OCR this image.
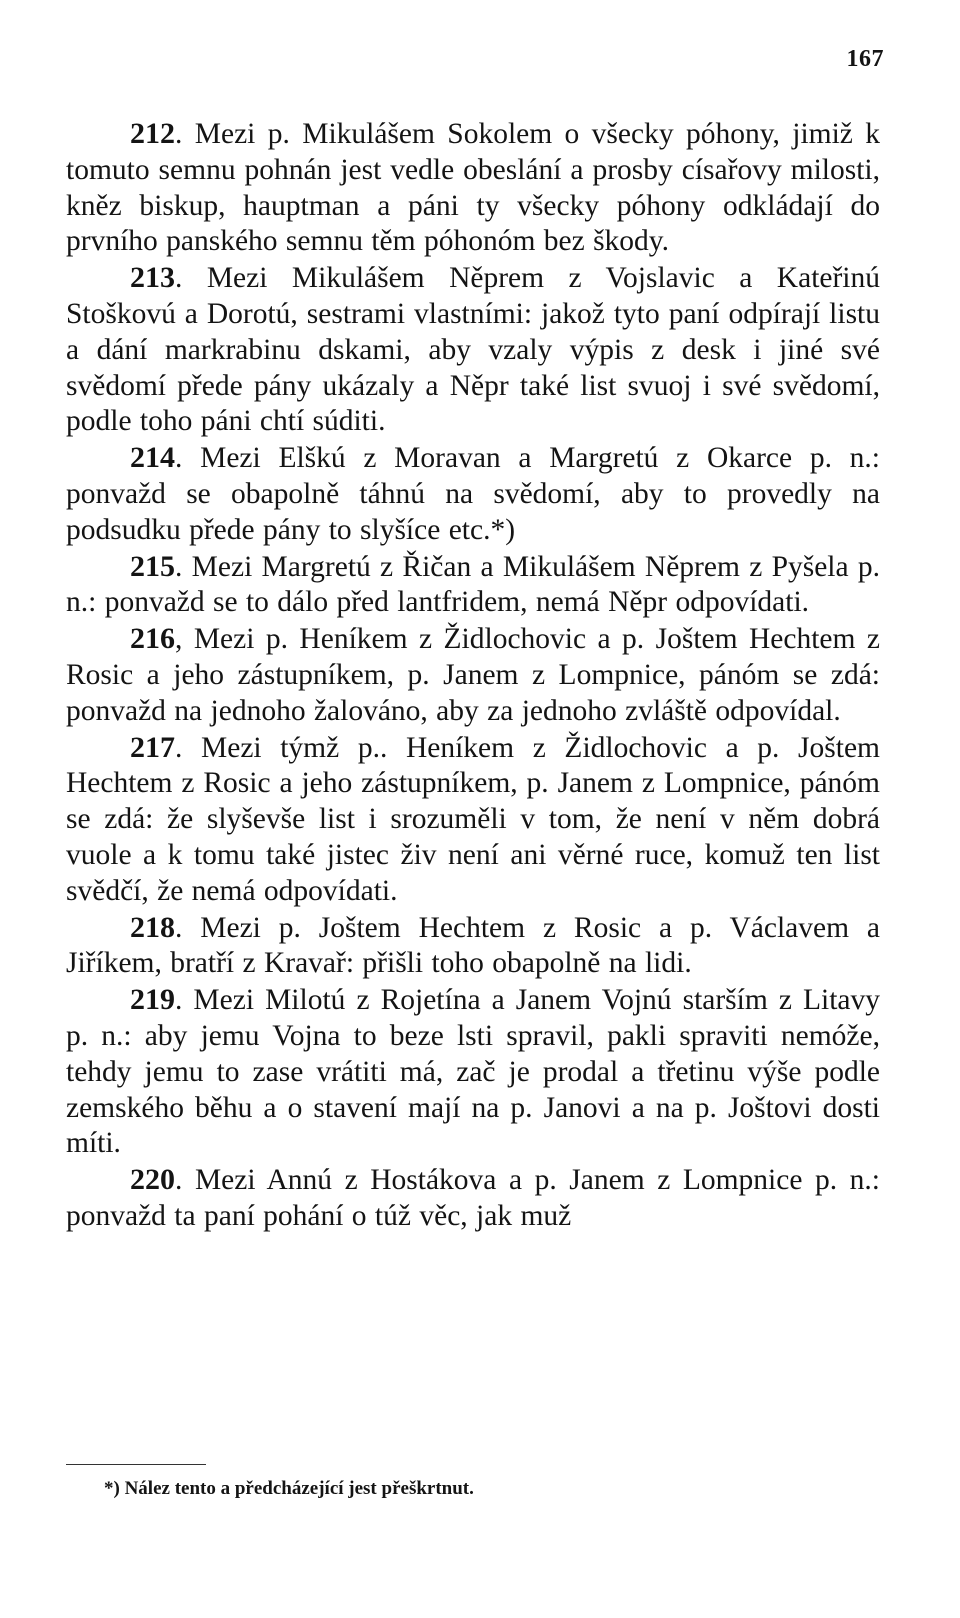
167

212. Mezi p. Mikulášem Sokolem o všecky póhony, jimiž k tomuto semnu pohnán jest vedle obeslání a prosby císařovy milosti, kněz biskup, hauptman a páni ty všecky póhony odkládají do prvního panského semnu těm póhonóm bez škody.

213. Mezi Mikulášem Něprem z Vojslavic a Kateřinú Stoškovú a Dorotú, sestrami vlastními: jakož tyto paní odpírají listu a dání markrabinu dskami, aby vzaly výpis z desk i jiné své svědomí přede pány ukázaly a Něpr také list svuoj i své svědomí, podle toho páni chtí súditi.

214. Mezi Elškú z Moravan a Margretú z Okarce p. n.: ponvažd se obapolně táhnú na svědomí, aby to provedly na podsudku přede pány to slyšíce etc.*)

215. Mezi Margretú z Řičan a Mikulášem Něprem z Pyšela p. n.: ponvažd se to dálo před lantfridem, nemá Něpr odpovídati.

216, Mezi p. Heníkem z Židlochovic a p. Joštem Hechtem z Rosic a jeho zástupníkem, p. Janem z Lompnice, pánóm se zdá: ponvažd na jednoho žalováno, aby za jednoho zvláště odpovídal.

217. Mezi týmž p.. Heníkem z Židlochovic a p. Joštem Hechtem z Rosic a jeho zástupníkem, p. Janem z Lompnice, pánóm se zdá: že slyševše list i srozuměli v tom, že není v něm dobrá vuole a k tomu také jistec živ není ani věrné ruce, komuž ten list svědčí, že nemá odpovídati.

218. Mezi p. Joštem Hechtem z Rosic a p. Václavem a Jiříkem, bratří z Kravař: přišli toho obapolně na lidi.

219. Mezi Milotú z Rojetína a Janem Vojnú starším z Litavy p. n.: aby jemu Vojna to beze lsti spravil, pakli spraviti nemóže, tehdy jemu to zase vrátiti má, zač je prodal a třetinu výše podle zemského běhu a o stavení mají na p. Janovi a na p. Joštovi dosti míti.

220. Mezi Annú z Hostákova a p. Janem z Lompnice p. n.: ponvažd ta paní pohání o túž věc, jak muž

*) Nález tento a předcházející jest přeškrtnut.
